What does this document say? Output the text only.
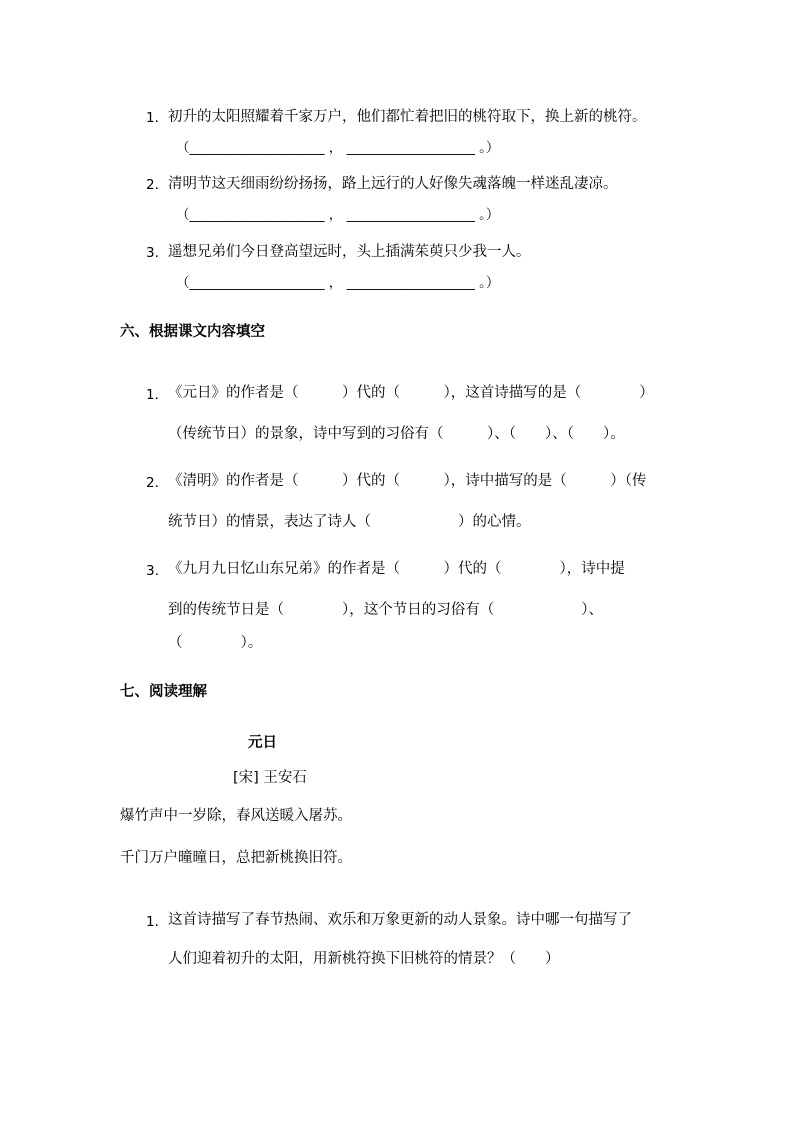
1. 初升的太阳照耀着千家万户，他们都忙着把旧的桃符取下，换上新的桃符。
（____________________ ， ___________________ 。）
2. 清明节这天细雨纷纷扬扬，路上远行的人好像失魂落魄一样迷乱凄凉。
（____________________ ， ___________________ 。）
3. 遥想兄弟们今日登高望远时，头上插满茱萸只少我一人。
（____________________ ， ___________________ 。）
六、根据课文内容填空
1. 《元日》的作者是（　　　）代的（　　　），这首诗描写的是（　　　　）
（传统节日）的景象，诗中写到的习俗有（　　　）、（　　）、（　　）。
2. 《清明》的作者是（　　　）代的（　　　），诗中描写的是（　　　）（传
统节日）的情景，表达了诗人（　　　　　　）的心情。
3. 《九月九日忆山东兄弟》的作者是（　　　）代的（　　　　），诗中提
到的传统节日是（　　　　），这个节日的习俗有（　　　　　　）、
（　　　　）。
七、阅读理解
元日
[宋] 王安石
爆竹声中一岁除，春风送暖入屠苏。
千门万户曈曈日，总把新桃换旧符。
1. 这首诗描写了春节热闹、欢乐和万象更新的动人景象。诗中哪一句描写了
人们迎着初升的太阳，用新桃符换下旧桃符的情景？（　　）
